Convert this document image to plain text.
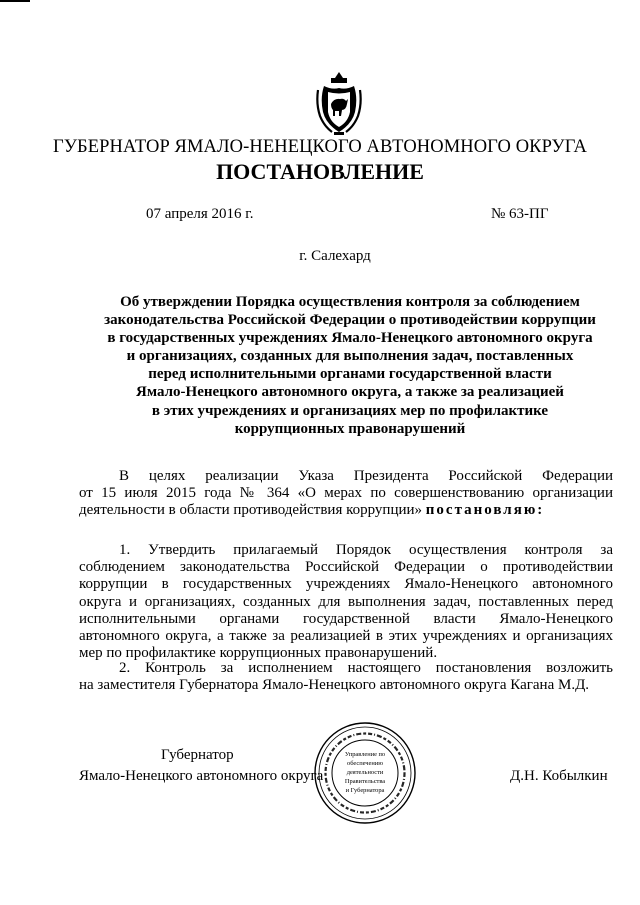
ГУБЕРНАТОР ЯМАЛО-НЕНЕЦКОГО АВТОНОМНОГО ОКРУГА
ПОСТАНОВЛЕНИЕ
07 апреля 2016 г.	№ 63-ПГ
г. Салехард
Об утверждении Порядка осуществления контроля за соблюдением
законодательства Российской Федерации о противодействии коррупции
в государственных учреждениях Ямало-Ненецкого автономного округа
и организациях, созданных для выполнения задач, поставленных
перед исполнительными органами государственной власти
Ямало-Ненецкого автономного округа, а также за реализацией
в этих учреждениях и организациях мер по профилактике
коррупционных правонарушений
В целях реализации Указа Президента Российской Федерации
от 15 июля 2015 года № 364 «О мерах по совершенствованию организации
деятельности в области противодействия коррупции» постановляю:
1. Утвердить прилагаемый Порядок осуществления контроля за
соблюдением законодательства Российской Федерации о противодействии
коррупции в государственных учреждениях Ямало-Ненецкого автономного
округа и организациях, созданных для выполнения задач, поставленных перед
исполнительными органами государственной власти Ямало-Ненецкого
автономного округа, а также за реализацией в этих учреждениях и организациях
мер по профилактике коррупционных правонарушений.
2. Контроль за исполнением настоящего постановления возложить
на заместителя Губернатора Ямало-Ненецкого автономного округа Кагана М.Д.
Губернатор
Ямало-Ненецкого автономного округа	Д.Н. Кобылкин
Управление по
обеспечению
деятельности
Правительства
и Губернатора
